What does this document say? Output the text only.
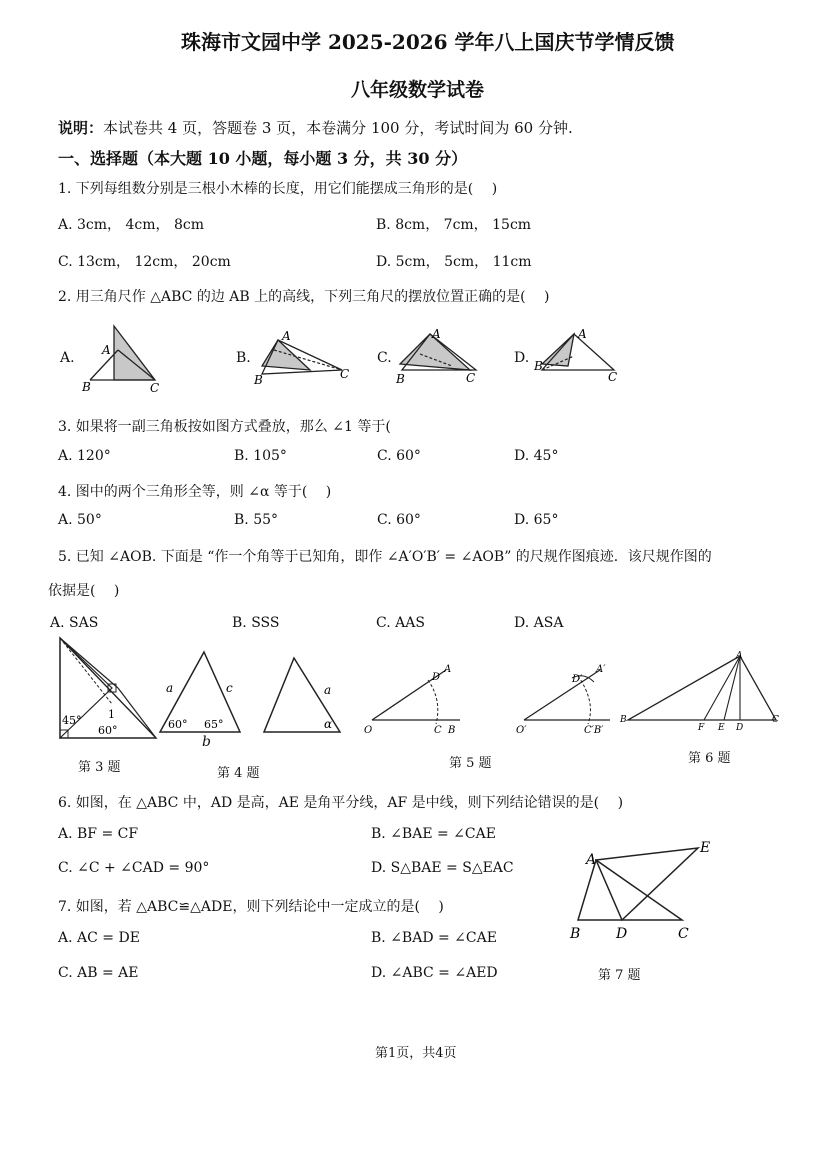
珠海市文园中学 2025-2026 学年八上国庆节学情反馈
八年级数学试卷
说明：本试卷共 4 页，答题卷 3 页，本卷满分 100 分，考试时间为 60 分钟.
一、选择题（本大题 10 小题，每小题 3 分，共 30 分）
1. 下列每组数分别是三根小木棒的长度，用它们能摆成三角形的是(　 )
A. 3cm， 4cm， 8cm	B. 8cm， 7cm， 15cm
C. 13cm， 12cm， 20cm	D. 5cm， 5cm， 11cm
2. 用三角尺作 △ABC 的边 AB 上的高线，下列三角尺的摆放位置正确的是(　 )
A.	B.	C.	D.
A
B	C
A
B	C
A
B	C
A
B
C
3. 如果将一副三角板按如图方式叠放，那么 ∠1 等于(
A. 120°	B. 105°	C. 60°	D. 45°
4. 图中的两个三角形全等，则 ∠α 等于(　 )
A. 50°	B. 55°	C. 60°	D. 65°
5. 已知 ∠AOB. 下面是 “作一个角等于已知角，即作 ∠A′O′B′ = ∠AOB” 的尺规作图痕迹．该尺规作图的
依据是(　 )
A. SAS	B. SSS	C. AAS	D. ASA
45°
60°
1
a	c
60° 65°
a
α
b
O
D
A
C B	O′
D′
A′
C′B′
A
B
F E D
C
第 3 题	第 4 题
第 5 题	第 6 题
6. 如图，在 △ABC 中，AD 是高，AE 是角平分线，AF 是中线，则下列结论错误的是(　 )
A. BF = CF	B. ∠BAE = ∠CAE
C. ∠C + ∠CAD = 90°	D. S△BAE = S△EAC
7. 如图，若 △ABC≌△ADE，则下列结论中一定成立的是(　 )
A. AC = DE	B. ∠BAD = ∠CAE
C. AB = AE	D. ∠ABC = ∠AED
A
E
B	D	C
第 7 题
第1页，共4页
